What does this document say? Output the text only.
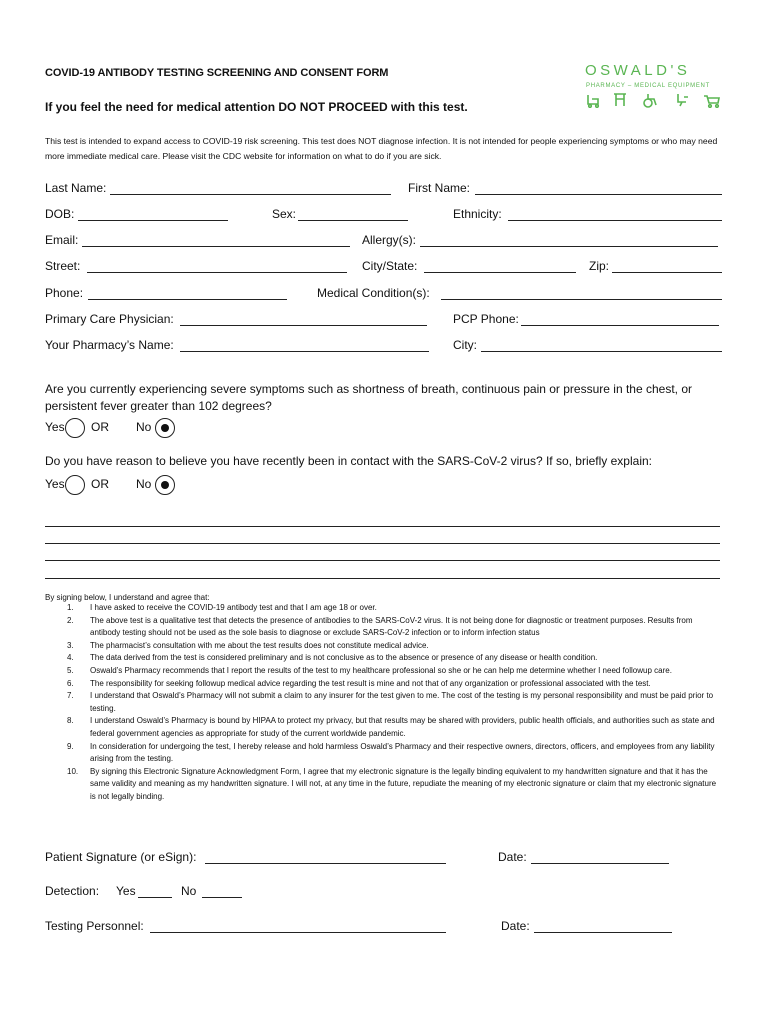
COVID-19 ANTIBODY TESTING SCREENING AND CONSENT FORM
If you feel the need for medical attention DO NOT PROCEED with this test.
This test is intended to expand access to COVID-19 risk screening. This test does NOT diagnose infection. It is not intended for people experiencing symptoms or who may need more immediate medical care. Please visit the CDC website for information on what to do if you are sick.
OSWALD'S
PHARMACY – MEDICAL EQUIPMENT
Last Name:	First Name:
DOB:	Sex:	Ethnicity:
Email:	Allergy(s):
Street:	City/State:	Zip:
Phone:	Medical Condition(s):
Primary Care Physician:	PCP Phone:
Your Pharmacy’s Name:	City:
Are you currently experiencing severe symptoms such as shortness of breath, continuous pain or pressure in the chest, or persistent fever greater than 102 degrees?
Yes OR No
Do you have reason to believe you have recently been in contact with the SARS-CoV-2 virus? If so, briefly explain:
Yes OR No
By signing below, I understand and agree that:
1. I have asked to receive the COVID-19 antibody test and that I am age 18 or over.
2. The above test is a qualitative test that detects the presence of antibodies to the SARS-CoV-2 virus. It is not being done for diagnostic or treatment purposes. Results from antibody testing should not be used as the sole basis to diagnose or exclude SARS-CoV-2 infection or to inform infection status
3. The pharmacist’s consultation with me about the test results does not constitute medical advice.
4. The data derived from the test is considered preliminary and is not conclusive as to the absence or presence of any disease or health condition.
5. Oswald’s Pharmacy recommends that I report the results of the test to my healthcare professional so she or he can help me determine whether I need followup care.
6. The responsibility for seeking followup medical advice regarding the test result is mine and not that of any organization or professional associated with the test.
7. I understand that Oswald’s Pharmacy will not submit a claim to any insurer for the test given to me. The cost of the testing is my personal responsibility and must be paid prior to testing.
8. I understand Oswald’s Pharmacy is bound by HIPAA to protect my privacy, but that results may be shared with providers, public health officials, and authorities such as state and federal government agencies as appropriate for study of the current worldwide pandemic.
9. In consideration for undergoing the test, I hereby release and hold harmless Oswald’s Pharmacy and their respective owners, directors, officers, and employees from any liability arising from the testing.
10. By signing this Electronic Signature Acknowledgment Form, I agree that my electronic signature is the legally binding equivalent to my handwritten signature and that it has the same validity and meaning as my handwritten signature. I will not, at any time in the future, repudiate the meaning of my electronic signature or claim that my electronic signature is not legally binding.
Patient Signature (or eSign):	Date:
Detection: Yes	No
Testing Personnel:	Date:
